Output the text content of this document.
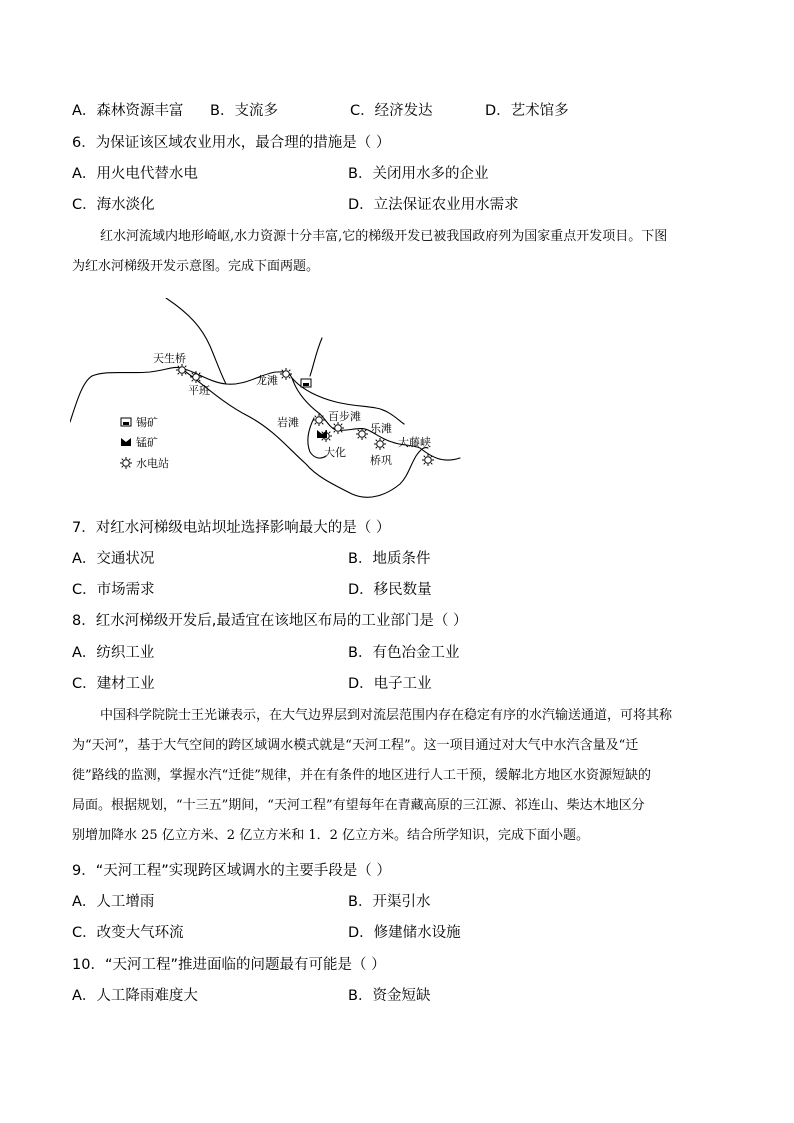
A．森林资源丰富 B．支流多	C．经济发达	D．艺术馆多
6．为保证该区域农业用水，最合理的措施是（ ）
A．用火电代替水电	B．关闭用水多的企业
C．海水淡化	D．立法保证农业用水需求
红水河流域内地形崎岖,水力资源十分丰富,它的梯级开发已被我国政府列为国家重点开发项目。下图
为红水河梯级开发示意图。完成下面两题。
天生桥
平班
龙滩
岩滩	百步滩
大化
乐滩
桥巩
大藤峡
锡矿
锰矿
水电站
7．对红水河梯级电站坝址选择影响最大的是（ ）
A．交通状况	B．地质条件
C．市场需求	D．移民数量
8．红水河梯级开发后,最适宜在该地区布局的工业部门是（ ）
A．纺织工业	B．有色冶金工业
C．建材工业	D．电子工业
中国科学院院士王光谦表示，在大气边界层到对流层范围内存在稳定有序的水汽输送通道，可将其称
为“天河”，基于大气空间的跨区域调水模式就是“天河工程”。这一项目通过对大气中水汽含量及“迁
徙”路线的监测，掌握水汽“迁徙”规律，并在有条件的地区进行人工干预，缓解北方地区水资源短缺的
局面。根据规划，“十三五”期间，“天河工程”有望每年在青藏高原的三江源、祁连山、柴达木地区分
别增加降水 25 亿立方米、2 亿立方米和 1．2 亿立方米。结合所学知识，完成下面小题。
9．“天河工程”实现跨区域调水的主要手段是（ ）
A．人工增雨	B．开渠引水
C．改变大气环流	D．修建储水设施
10．“天河工程”推进面临的问题最有可能是（ ）
A．人工降雨难度大	B．资金短缺
